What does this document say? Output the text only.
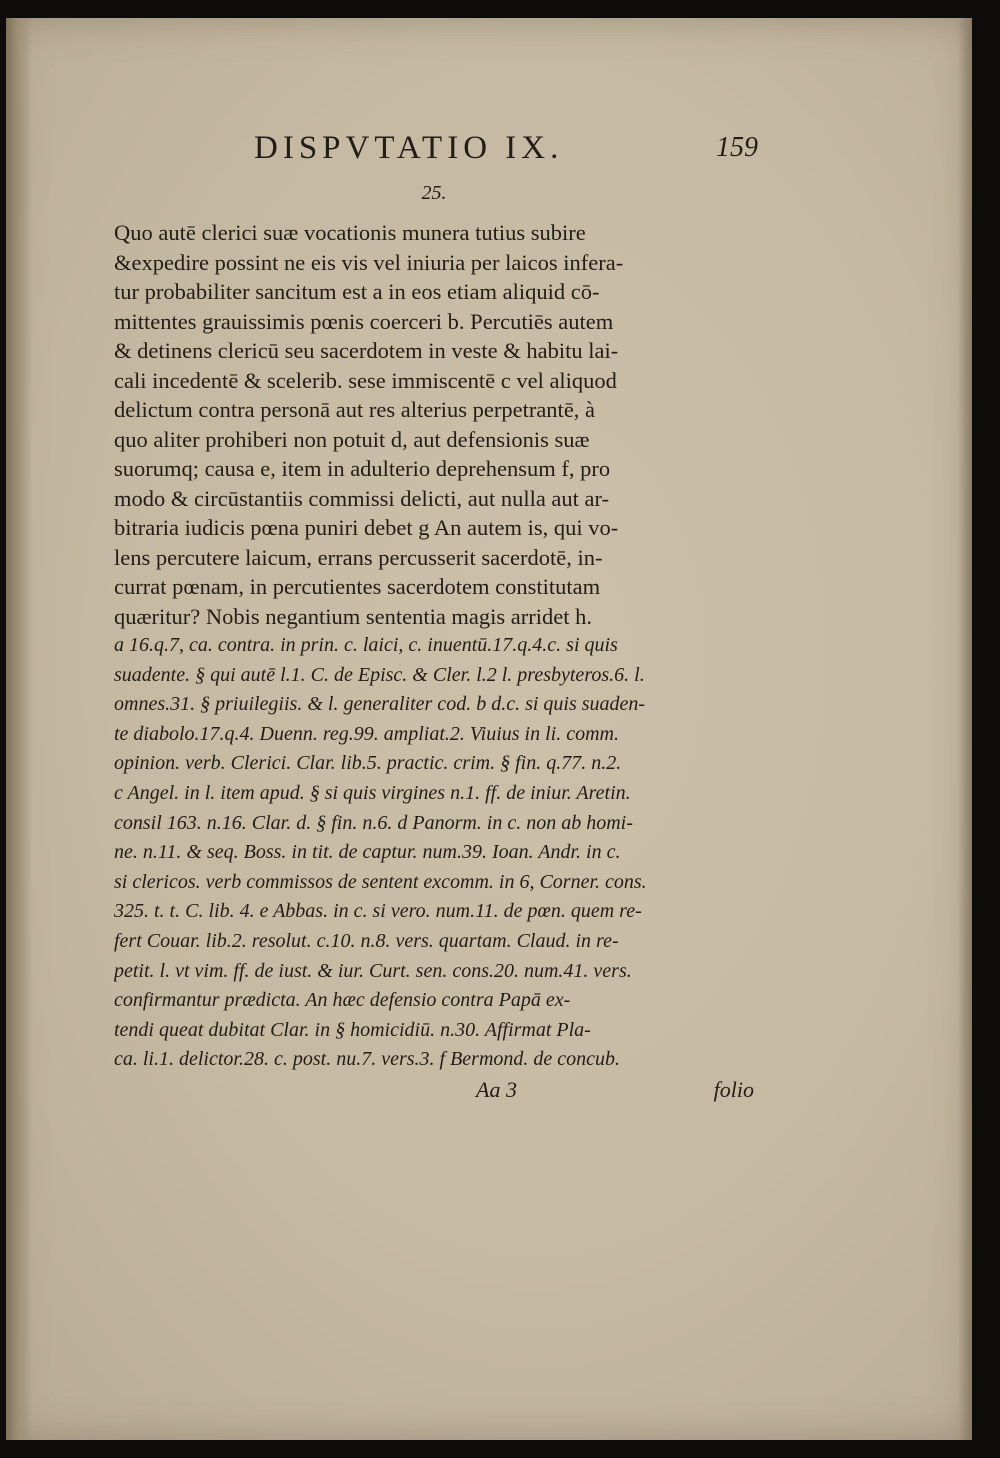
DISPVTATIO IX.	159
25.
Quo autē clerici suæ vocationis munera tutius subire
&expedire possint ne eis vis vel iniuria per laicos infera-
tur probabiliter sancitum est a in eos etiam aliquid cō-
mittentes grauissimis pœnis coerceri b. Percutiēs autem
& detinens clericū seu sacerdotem in veste & habitu lai-
cali incedentē & scelerib. sese immiscentē c vel aliquod
delictum contra personā aut res alterius perpetrantē, à
quo aliter prohiberi non potuit d, aut defensionis suæ
suorumq; causa e, item in adulterio deprehensum f, pro
modo & circūstantiis commissi delicti, aut nulla aut ar-
bitraria iudicis pœna puniri debet g An autem is, qui vo-
lens percutere laicum, errans percusserit sacerdotē, in-
currat pœnam, in percutientes sacerdotem constitutam
quæritur? Nobis negantium sententia magis arridet h.
a 16.q.7, ca. contra. in prin. c. laici, c. inuentū.17.q.4.c. si quis
suadente. § qui autē l.1. C. de Episc. & Cler. l.2 l. presbyteros.6. l.
omnes.31. § priuilegiis. & l. generaliter cod. b d.c. si quis suaden-
te diabolo.17.q.4. Duenn. reg.99. ampliat.2. Viuius in li. comm.
opinion. verb. Clerici. Clar. lib.5. practic. crim. § fin. q.77. n.2.
c Angel. in l. item apud. § si quis virgines n.1. ff. de iniur. Aretin.
consil 163. n.16. Clar. d. § fin. n.6. d Panorm. in c. non ab homi-
ne. n.11. & seq. Boss. in tit. de captur. num.39. Ioan. Andr. in c.
si clericos. verb commissos de sentent excomm. in 6, Corner. cons.
325. t. t. C. lib. 4. e Abbas. in c. si vero. num.11. de pœn. quem re-
fert Couar. lib.2. resolut. c.10. n.8. vers. quartam. Claud. in re-
petit. l. vt vim. ff. de iust. & iur. Curt. sen. cons.20. num.41. vers.
confirmantur prædicta. An hæc defensio contra Papā ex-
tendi queat dubitat Clar. in § homicidiū. n.30. Affirmat Pla-
ca. li.1. delictor.28. c. post. nu.7. vers.3. f Bermond. de concub.
Aa 3	folio
